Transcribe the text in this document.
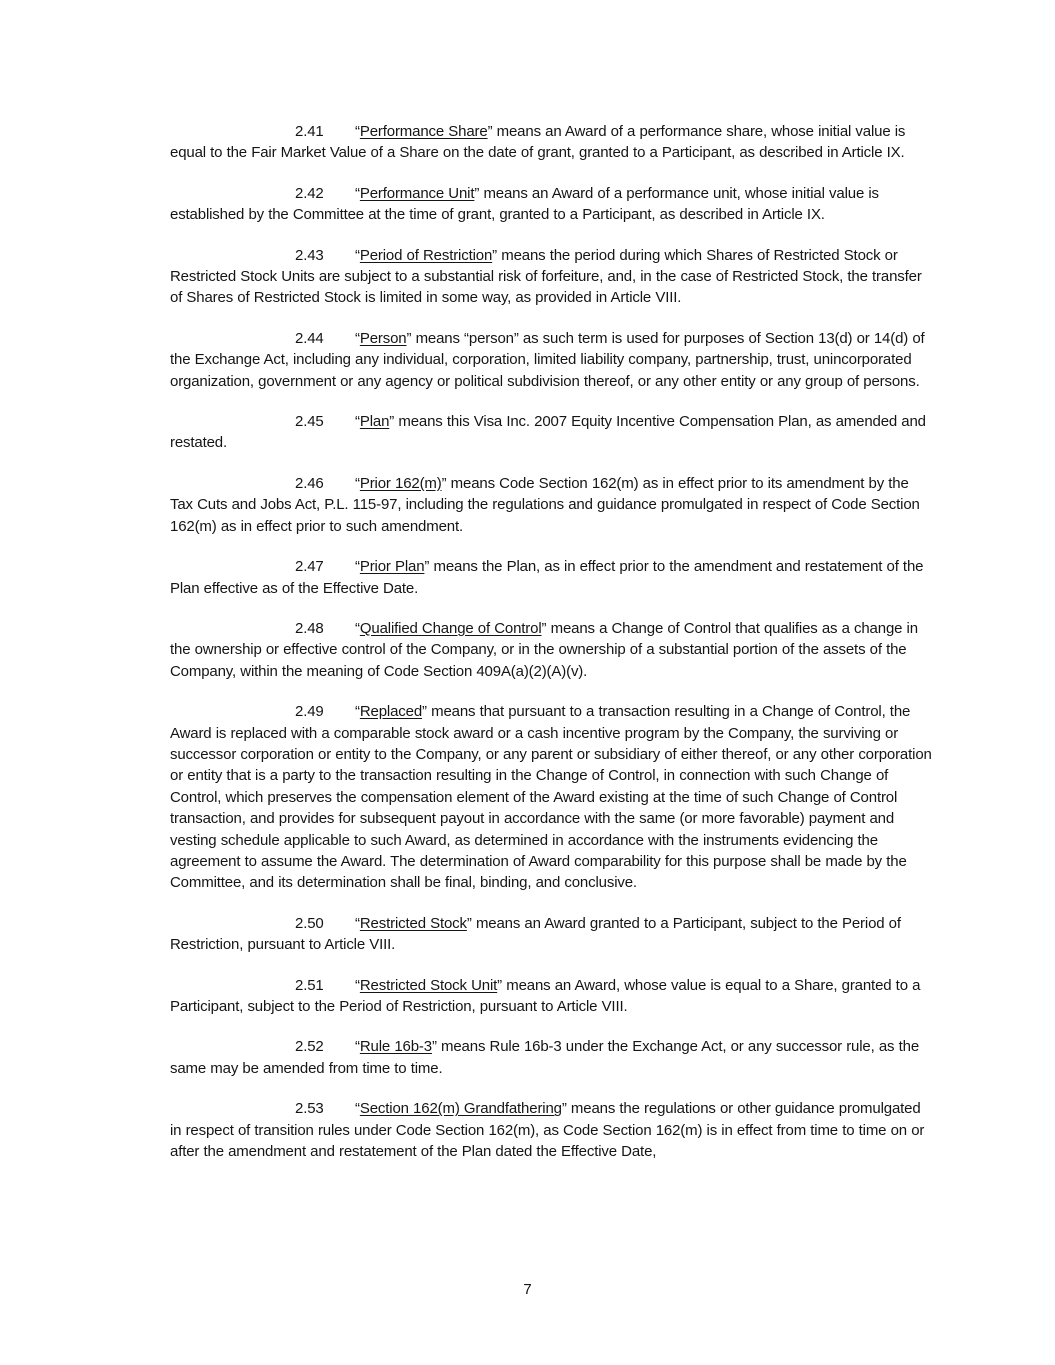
2.41 “Performance Share” means an Award of a performance share, whose initial value is equal to the Fair Market Value of a Share on the date of grant, granted to a Participant, as described in Article IX.

2.42 “Performance Unit” means an Award of a performance unit, whose initial value is established by the Committee at the time of grant, granted to a Participant, as described in Article IX.

2.43 “Period of Restriction” means the period during which Shares of Restricted Stock or Restricted Stock Units are subject to a substantial risk of forfeiture, and, in the case of Restricted Stock, the transfer of Shares of Restricted Stock is limited in some way, as provided in Article VIII.

2.44 “Person” means “person” as such term is used for purposes of Section 13(d) or 14(d) of the Exchange Act, including any individual, corporation, limited liability company, partnership, trust, unincorporated organization, government or any agency or political subdivision thereof, or any other entity or any group of persons.

2.45 “Plan” means this Visa Inc. 2007 Equity Incentive Compensation Plan, as amended and restated.

2.46 “Prior 162(m)” means Code Section 162(m) as in effect prior to its amendment by the Tax Cuts and Jobs Act, P.L. 115-97, including the regulations and guidance promulgated in respect of Code Section 162(m) as in effect prior to such amendment.

2.47 “Prior Plan” means the Plan, as in effect prior to the amendment and restatement of the Plan effective as of the Effective Date.

2.48 “Qualified Change of Control” means a Change of Control that qualifies as a change in the ownership or effective control of the Company, or in the ownership of a substantial portion of the assets of the Company, within the meaning of Code Section 409A(a)(2)(A)(v).

2.49 “Replaced” means that pursuant to a transaction resulting in a Change of Control, the Award is replaced with a comparable stock award or a cash incentive program by the Company, the surviving or successor corporation or entity to the Company, or any parent or subsidiary of either thereof, or any other corporation or entity that is a party to the transaction resulting in the Change of Control, in connection with such Change of Control, which preserves the compensation element of the Award existing at the time of such Change of Control transaction, and provides for subsequent payout in accordance with the same (or more favorable) payment and vesting schedule applicable to such Award, as determined in accordance with the instruments evidencing the agreement to assume the Award. The determination of Award comparability for this purpose shall be made by the Committee, and its determination shall be final, binding, and conclusive.

2.50 “Restricted Stock” means an Award granted to a Participant, subject to the Period of Restriction, pursuant to Article VIII.

2.51 “Restricted Stock Unit” means an Award, whose value is equal to a Share, granted to a Participant, subject to the Period of Restriction, pursuant to Article VIII.

2.52 “Rule 16b-3” means Rule 16b-3 under the Exchange Act, or any successor rule, as the same may be amended from time to time.

2.53 “Section 162(m) Grandfathering” means the regulations or other guidance promulgated in respect of transition rules under Code Section 162(m), as Code Section 162(m) is in effect from time to time on or after the amendment and restatement of the Plan dated the Effective Date,

7
